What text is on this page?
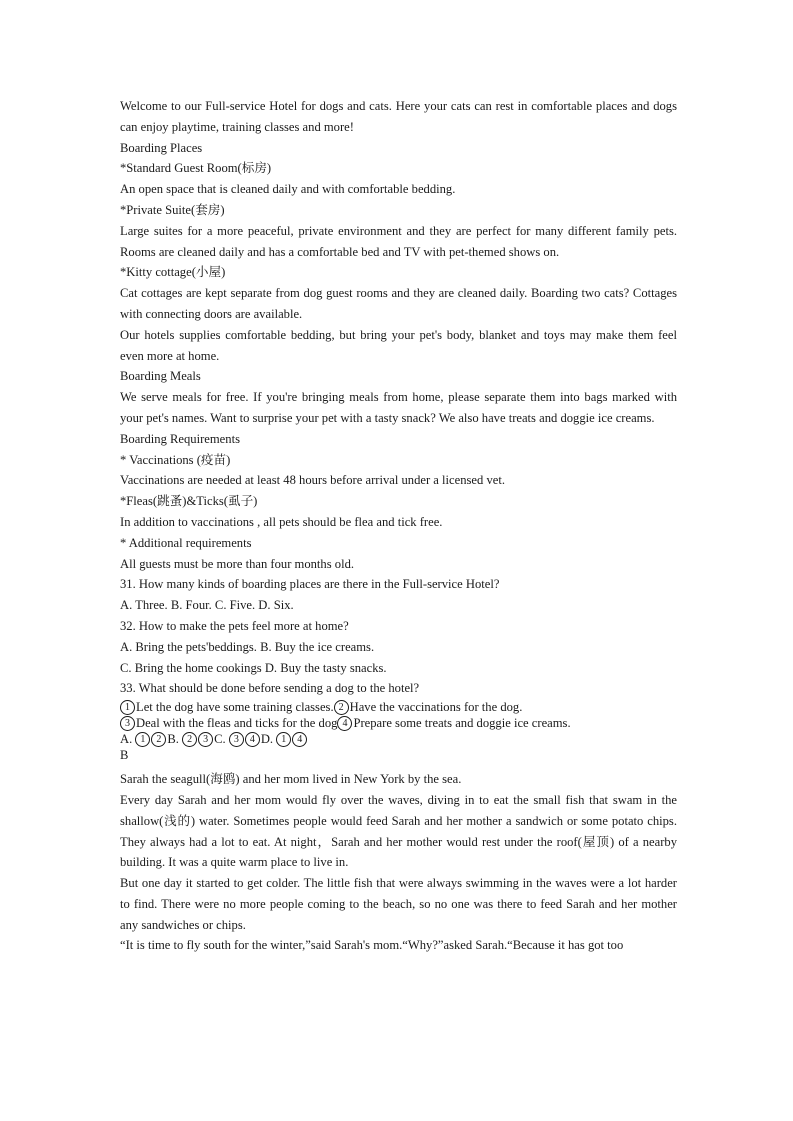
Welcome to our Full-service Hotel for dogs and cats. Here your cats can rest in comfortable places and dogs can enjoy playtime, training classes and more!

Boarding Places

*Standard Guest Room(标房)

An open space that is cleaned daily and with comfortable bedding.

*Private Suite(套房)

Large suites for a more peaceful, private environment and they are perfect for many different family pets. Rooms are cleaned daily and has a comfortable bed and TV with pet-themed shows on.

*Kitty cottage(小屋)

Cat cottages are kept separate from dog guest rooms and they are cleaned daily. Boarding two cats? Cottages with connecting doors are available.

Our hotels supplies comfortable bedding, but bring your pet's body, blanket and toys may make them feel even more at home.

Boarding Meals

We serve meals for free. If you're bringing meals from home, please separate them into bags marked with your pet's names. Want to surprise your pet with a tasty snack? We also have treats and doggie ice creams.

Boarding Requirements

* Vaccinations (疫苗)

Vaccinations are needed at least 48 hours before arrival under a licensed vet.

*Fleas(跳蚤)&Ticks(虱子)

In addition to vaccinations , all pets should be flea and tick free.

* Additional requirements

All guests must be more than four months old.

31. How many kinds of boarding places are there in the Full-service Hotel?

A. Three. B. Four. C. Five. D. Six.

32. How to make the pets feel more at home?

A. Bring the pets'beddings. B. Buy the ice creams.

C. Bring the home cookings D. Buy the tasty snacks.

33. What should be done before sending a dog to the hotel?

1 Let the dog have some training classes. 2 Have the vaccinations for the dog.

3 Deal with the fleas and ticks for the dog 4 Prepare some treats and doggie ice creams.

A. 1 2 B. 2 3 C. 3 4 D. 1 4

B

Sarah the seagull(海鸥) and her mom lived in New York by the sea.

Every day Sarah and her mom would fly over the waves, diving in to eat the small fish that swam in the shallow(浅的) water. Sometimes people would feed Sarah and her mother a sandwich or some potato chips. They always had a lot to eat. At night，Sarah and her mother would rest under the roof(屋顶) of a nearby building. It was a quite warm place to live in.

But one day it started to get colder. The little fish that were always swimming in the waves were a lot harder to find. There were no more people coming to the beach, so no one was there to feed Sarah and her mother any sandwiches or chips.

“It is time to fly south for the winter,”said Sarah's mom.“Why?”asked Sarah.“Because it has got too
